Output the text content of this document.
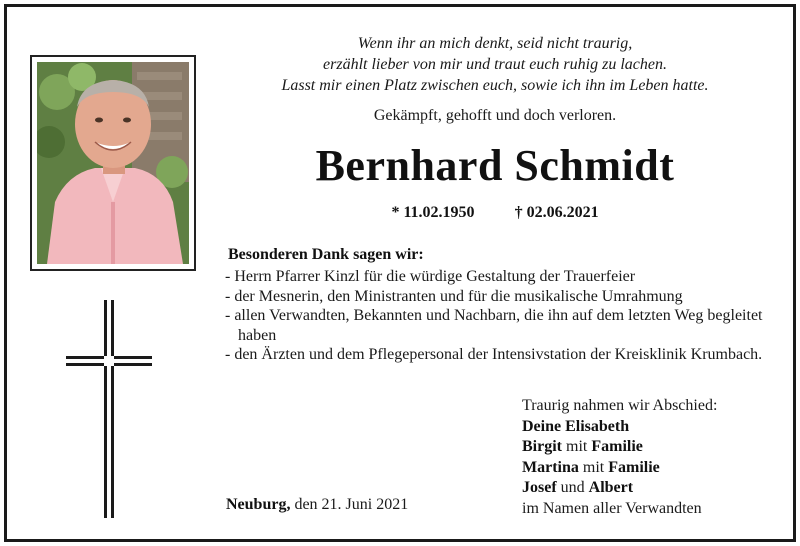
Wenn ihr an mich denkt, seid nicht traurig,
erzählt lieber von mir und traut euch ruhig zu lachen.
Lasst mir einen Platz zwischen euch, sowie ich ihn im Leben hatte.
Gekämpft, gehofft und doch verloren.
Bernhard Schmidt
* 11.02.1950	† 02.06.2021
Besonderen Dank sagen wir:
- Herrn Pfarrer Kinzl für die würdige Gestaltung der Trauerfeier
- der Mesnerin, den Ministranten und für die musikalische Umrahmung
- allen Verwandten, Bekannten und Nachbarn, die ihn auf dem letzten Weg begleitet haben
- den Ärzten und dem Pflegepersonal der Intensivstation der Kreisklinik Krumbach.
Traurig nahmen wir Abschied:
Deine Elisabeth
Birgit mit Familie
Martina mit Familie
Josef und Albert
im Namen aller Verwandten
Neuburg, den 21. Juni 2021
